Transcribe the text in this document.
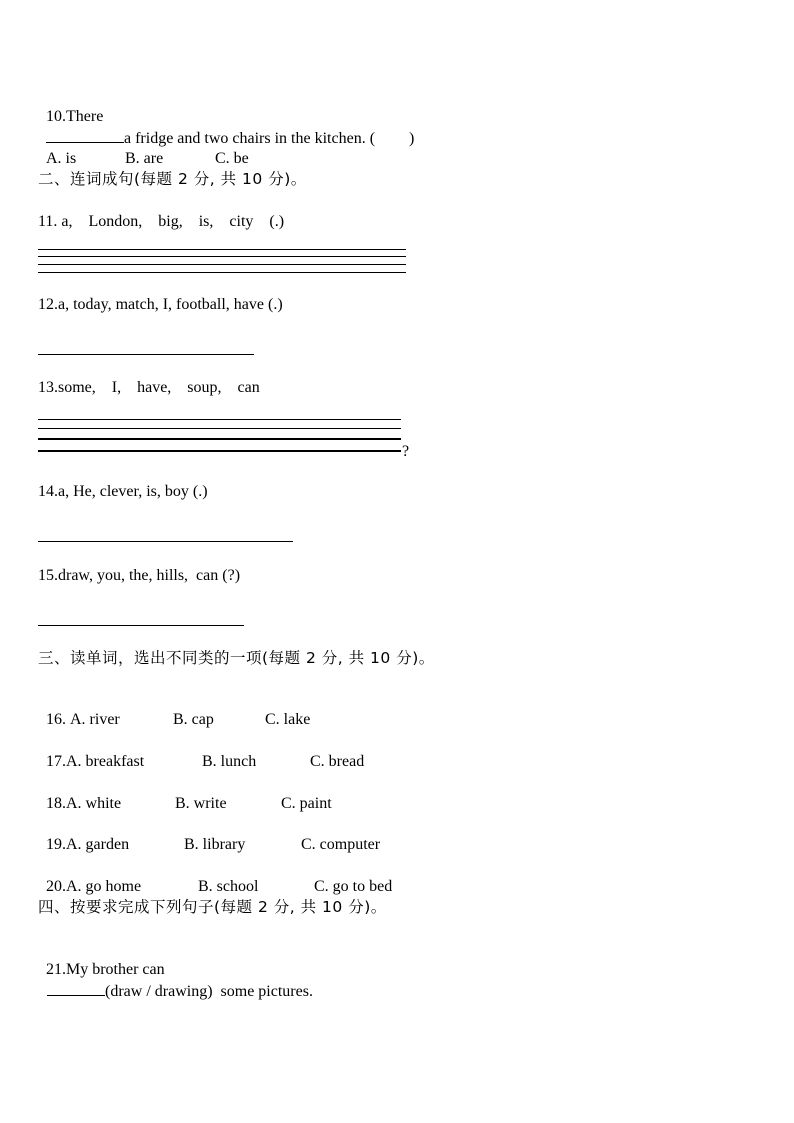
10.There
a fridge and two chairs in the kitchen. ( )

A. is	B. are	C. be

二、连词成句(每题 2 分, 共 10 分)。
11. a,    London,    big,    is,    city    (.)
12.a, today, match, I, football, have (.)
13.some,    I,    have,    soup,    can
?
14.a, He, clever, is, boy (.)
15.draw, you, the, hills,  can (?)
三、读单词，选出不同类的一项(每题 2 分, 共 10 分)。

16. A. river	B. cap	C. lake

17.A. breakfast	B. lunch	C. bread

18.A. white	B. write	C. paint

19.A. garden	B. library	C. computer

20.A. go home	B. school	C. go to bed

四、按要求完成下列句子(每题 2 分, 共 10 分)。

21.My brother can
(draw / drawing)  some pictures.
